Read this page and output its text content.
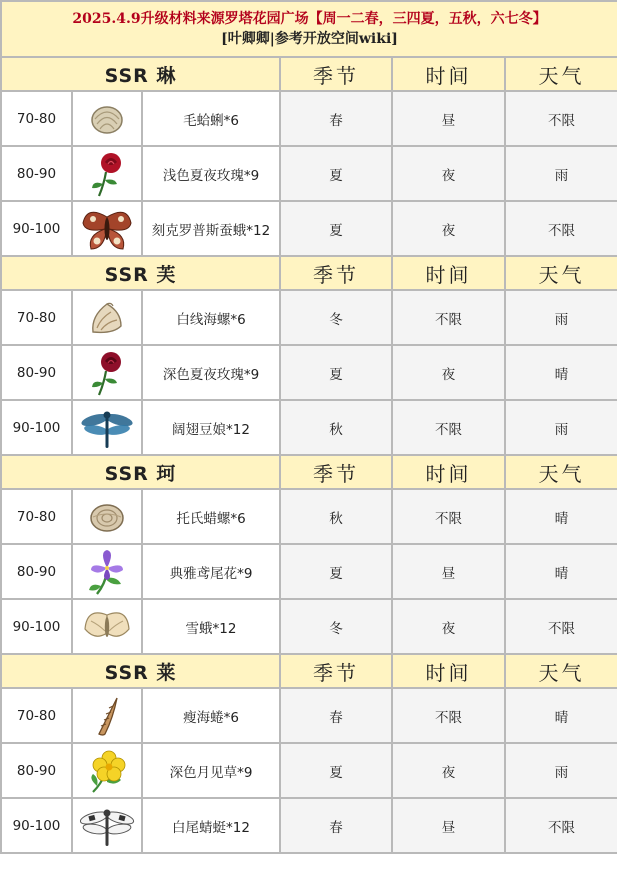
2025.4.9升级材料来源罗塔花园广场【周一二春，三四夏，五秋，六七冬】
[叶卿卿|参考开放空间wiki]					

SSR 琳			季节	时间	天气
70-80		毛蛤蜊*6	春	昼	不限
80-90		浅色夏夜玫瑰*9	夏	夜	雨
90-100		刻克罗普斯蚕蛾*12	夏	夜	不限
SSR 芙			季节	时间	天气
70-80		白线海螺*6	冬	不限	雨
80-90		深色夏夜玫瑰*9	夏	夜	晴
90-100		阔翅豆娘*12	秋	不限	雨
SSR 珂			季节	时间	天气
70-80		托氏蜡螺*6	秋	不限	晴
80-90		典雅鸢尾花*9	夏	昼	晴
90-100		雪蛾*12	冬	夜	不限
SSR 莱			季节	时间	天气
70-80		瘦海蜷*6	春	不限	晴
80-90		深色月见草*9	夏	夜	雨
90-100		白尾蜻蜓*12	春	昼	不限
